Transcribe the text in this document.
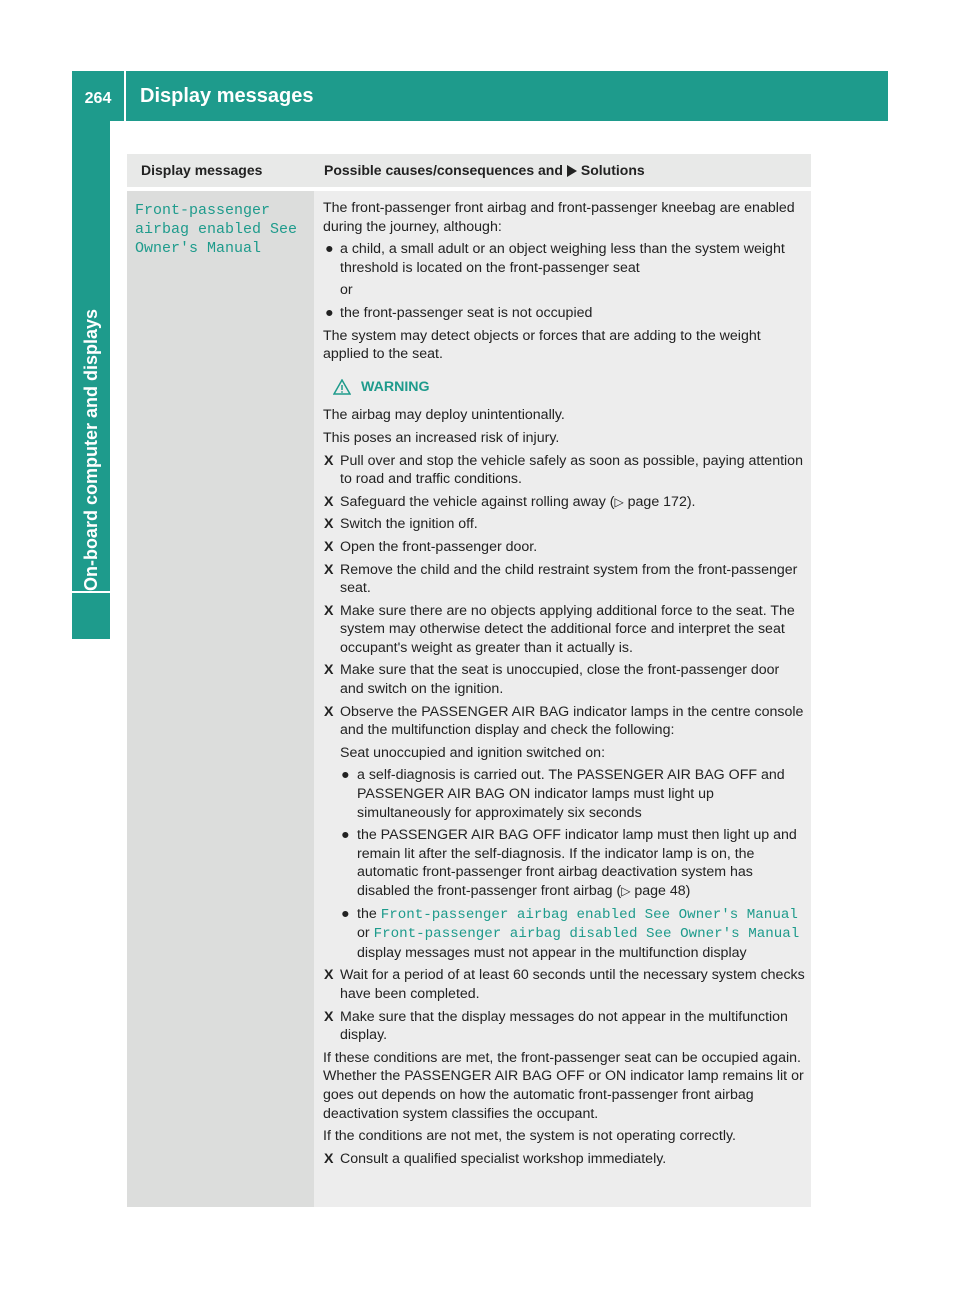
264	Display messages
On-board computer and displays
Display messages	Possible causes/consequences and Solutions
Front-passenger
airbag enabled See
Owner's Manual

The front-passenger front airbag and front-passenger kneebag are enabled during the journey, although:

● a child, a small adult or an object weighing less than the system weight threshold is located on the front-passenger seat
or
● the front-passenger seat is not occupied

The system may detect objects or forces that are adding to the weight applied to the seat.

WARNING

The airbag may deploy unintentionally.

This poses an increased risk of injury.

X Pull over and stop the vehicle safely as soon as possible, paying attention to road and traffic conditions.
X Safeguard the vehicle against rolling away (▷ page 172).
X Switch the ignition off.
X Open the front-passenger door.
X Remove the child and the child restraint system from the front-passenger seat.
X Make sure there are no objects applying additional force to the seat. The system may otherwise detect the additional force and interpret the seat occupant's weight as greater than it actually is.
X Make sure that the seat is unoccupied, close the front-passenger door and switch on the ignition.
X Observe the PASSENGER AIR BAG indicator lamps in the centre console and the multifunction display and check the following:
Seat unoccupied and ignition switched on:
● a self-diagnosis is carried out. The PASSENGER AIR BAG OFF and PASSENGER AIR BAG ON indicator lamps must light up simultaneously for approximately six seconds
● the PASSENGER AIR BAG OFF indicator lamp must then light up and remain lit after the self-diagnosis. If the indicator lamp is on, the automatic front-passenger front airbag deactivation system has disabled the front-passenger front airbag (▷ page 48)
● the Front-passenger airbag enabled See Owner's Manual or Front-passenger airbag disabled See Owner's Manual display messages must not appear in the multifunction display
X Wait for a period of at least 60 seconds until the necessary system checks have been completed.
X Make sure that the display messages do not appear in the multifunction display.

If these conditions are met, the front-passenger seat can be occupied again. Whether the PASSENGER AIR BAG OFF or ON indicator lamp remains lit or goes out depends on how the automatic front-passenger front airbag deactivation system classifies the occupant.

If the conditions are not met, the system is not operating correctly.

X Consult a qualified specialist workshop immediately.
